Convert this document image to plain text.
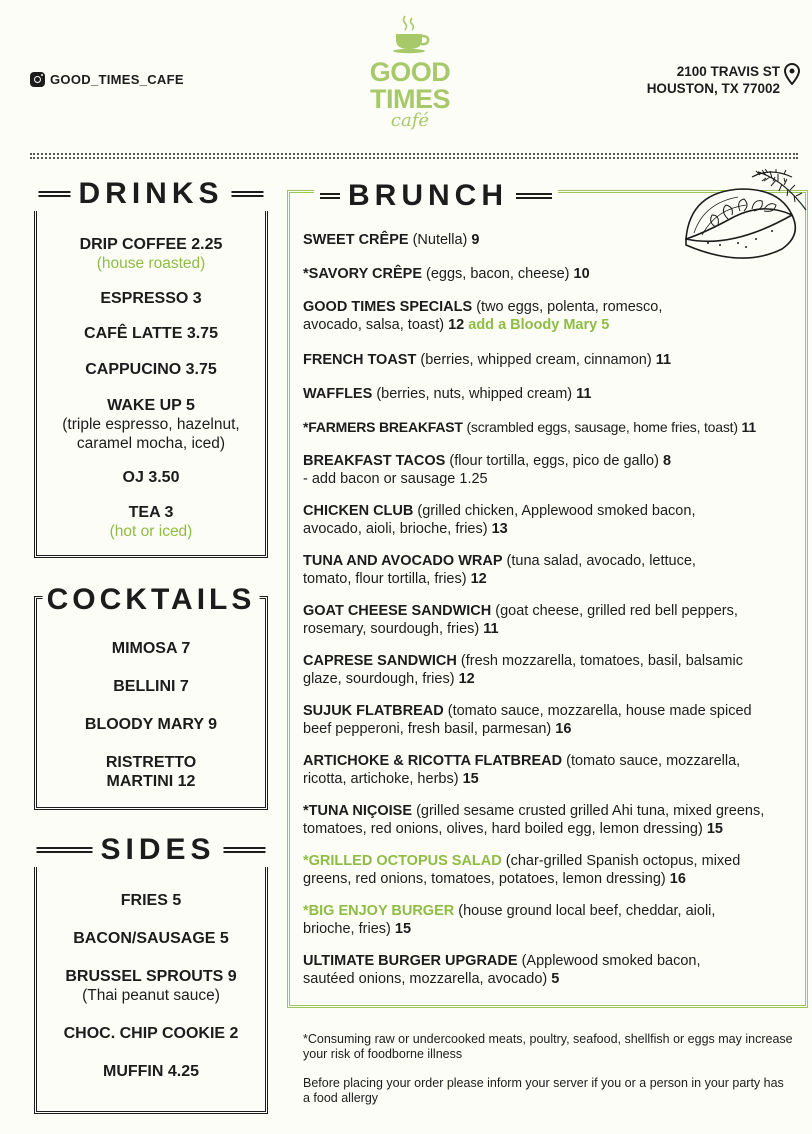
GOOD_TIMES_CAFE	GOOD
TIMES
café
2100 TRAVIS ST
HOUSTON, TX 77002
DRINKS
DRIP COFFEE 2.25
(house roasted)
ESPRESSO 3
CAFÊ LATTE 3.75
CAPPUCINO 3.75
WAKE UP 5
(triple espresso, hazelnut, caramel mocha, iced)
OJ 3.50
TEA 3
(hot or iced)
COCKTAILS
MIMOSA 7
BELLINI 7
BLOODY MARY 9
RISTRETTO MARTINI 12
SIDES
FRIES 5
BACON/SAUSAGE 5
BRUSSEL SPROUTS 9
(Thai peanut sauce)
CHOC. CHIP COOKIE 2
MUFFIN 4.25
BRUNCH
SWEET CRÊPE (Nutella) 9
*SAVORY CRÊPE (eggs, bacon, cheese) 10
GOOD TIMES SPECIALS (two eggs, polenta, romesco, avocado, salsa, toast) 12 add a Bloody Mary 5
FRENCH TOAST (berries, whipped cream, cinnamon) 11
WAFFLES (berries, nuts, whipped cream) 11
*FARMERS BREAKFAST (scrambled eggs, sausage, home fries, toast) 11
BREAKFAST TACOS (flour tortilla, eggs, pico de gallo) 8
- add bacon or sausage 1.25
CHICKEN CLUB (grilled chicken, Applewood smoked bacon, avocado, aioli, brioche, fries) 13
TUNA AND AVOCADO WRAP (tuna salad, avocado, lettuce, tomato, flour tortilla, fries) 12
GOAT CHEESE SANDWICH (goat cheese, grilled red bell peppers, rosemary, sourdough, fries) 11
CAPRESE SANDWICH (fresh mozzarella, tomatoes, basil, balsamic glaze, sourdough, fries) 12
SUJUK FLATBREAD (tomato sauce, mozzarella, house made spiced beef pepperoni, fresh basil, parmesan) 16
ARTICHOKE & RICOTTA FLATBREAD (tomato sauce, mozzarella, ricotta, artichoke, herbs) 15
*TUNA NIÇOISE (grilled sesame crusted grilled Ahi tuna, mixed greens, tomatoes, red onions, olives, hard boiled egg, lemon dressing) 15
*GRILLED OCTOPUS SALAD (char-grilled Spanish octopus, mixed greens, red onions, tomatoes, potatoes, lemon dressing) 16
*BIG ENJOY BURGER (house ground local beef, cheddar, aioli, brioche, fries) 15
ULTIMATE BURGER UPGRADE (Applewood smoked bacon, sautéed onions, mozzarella, avocado) 5

*Consuming raw or undercooked meats, poultry, seafood, shellfish or eggs may increase your risk of foodborne illness

Before placing your order please inform your server if you or a person in your party has a food allergy
